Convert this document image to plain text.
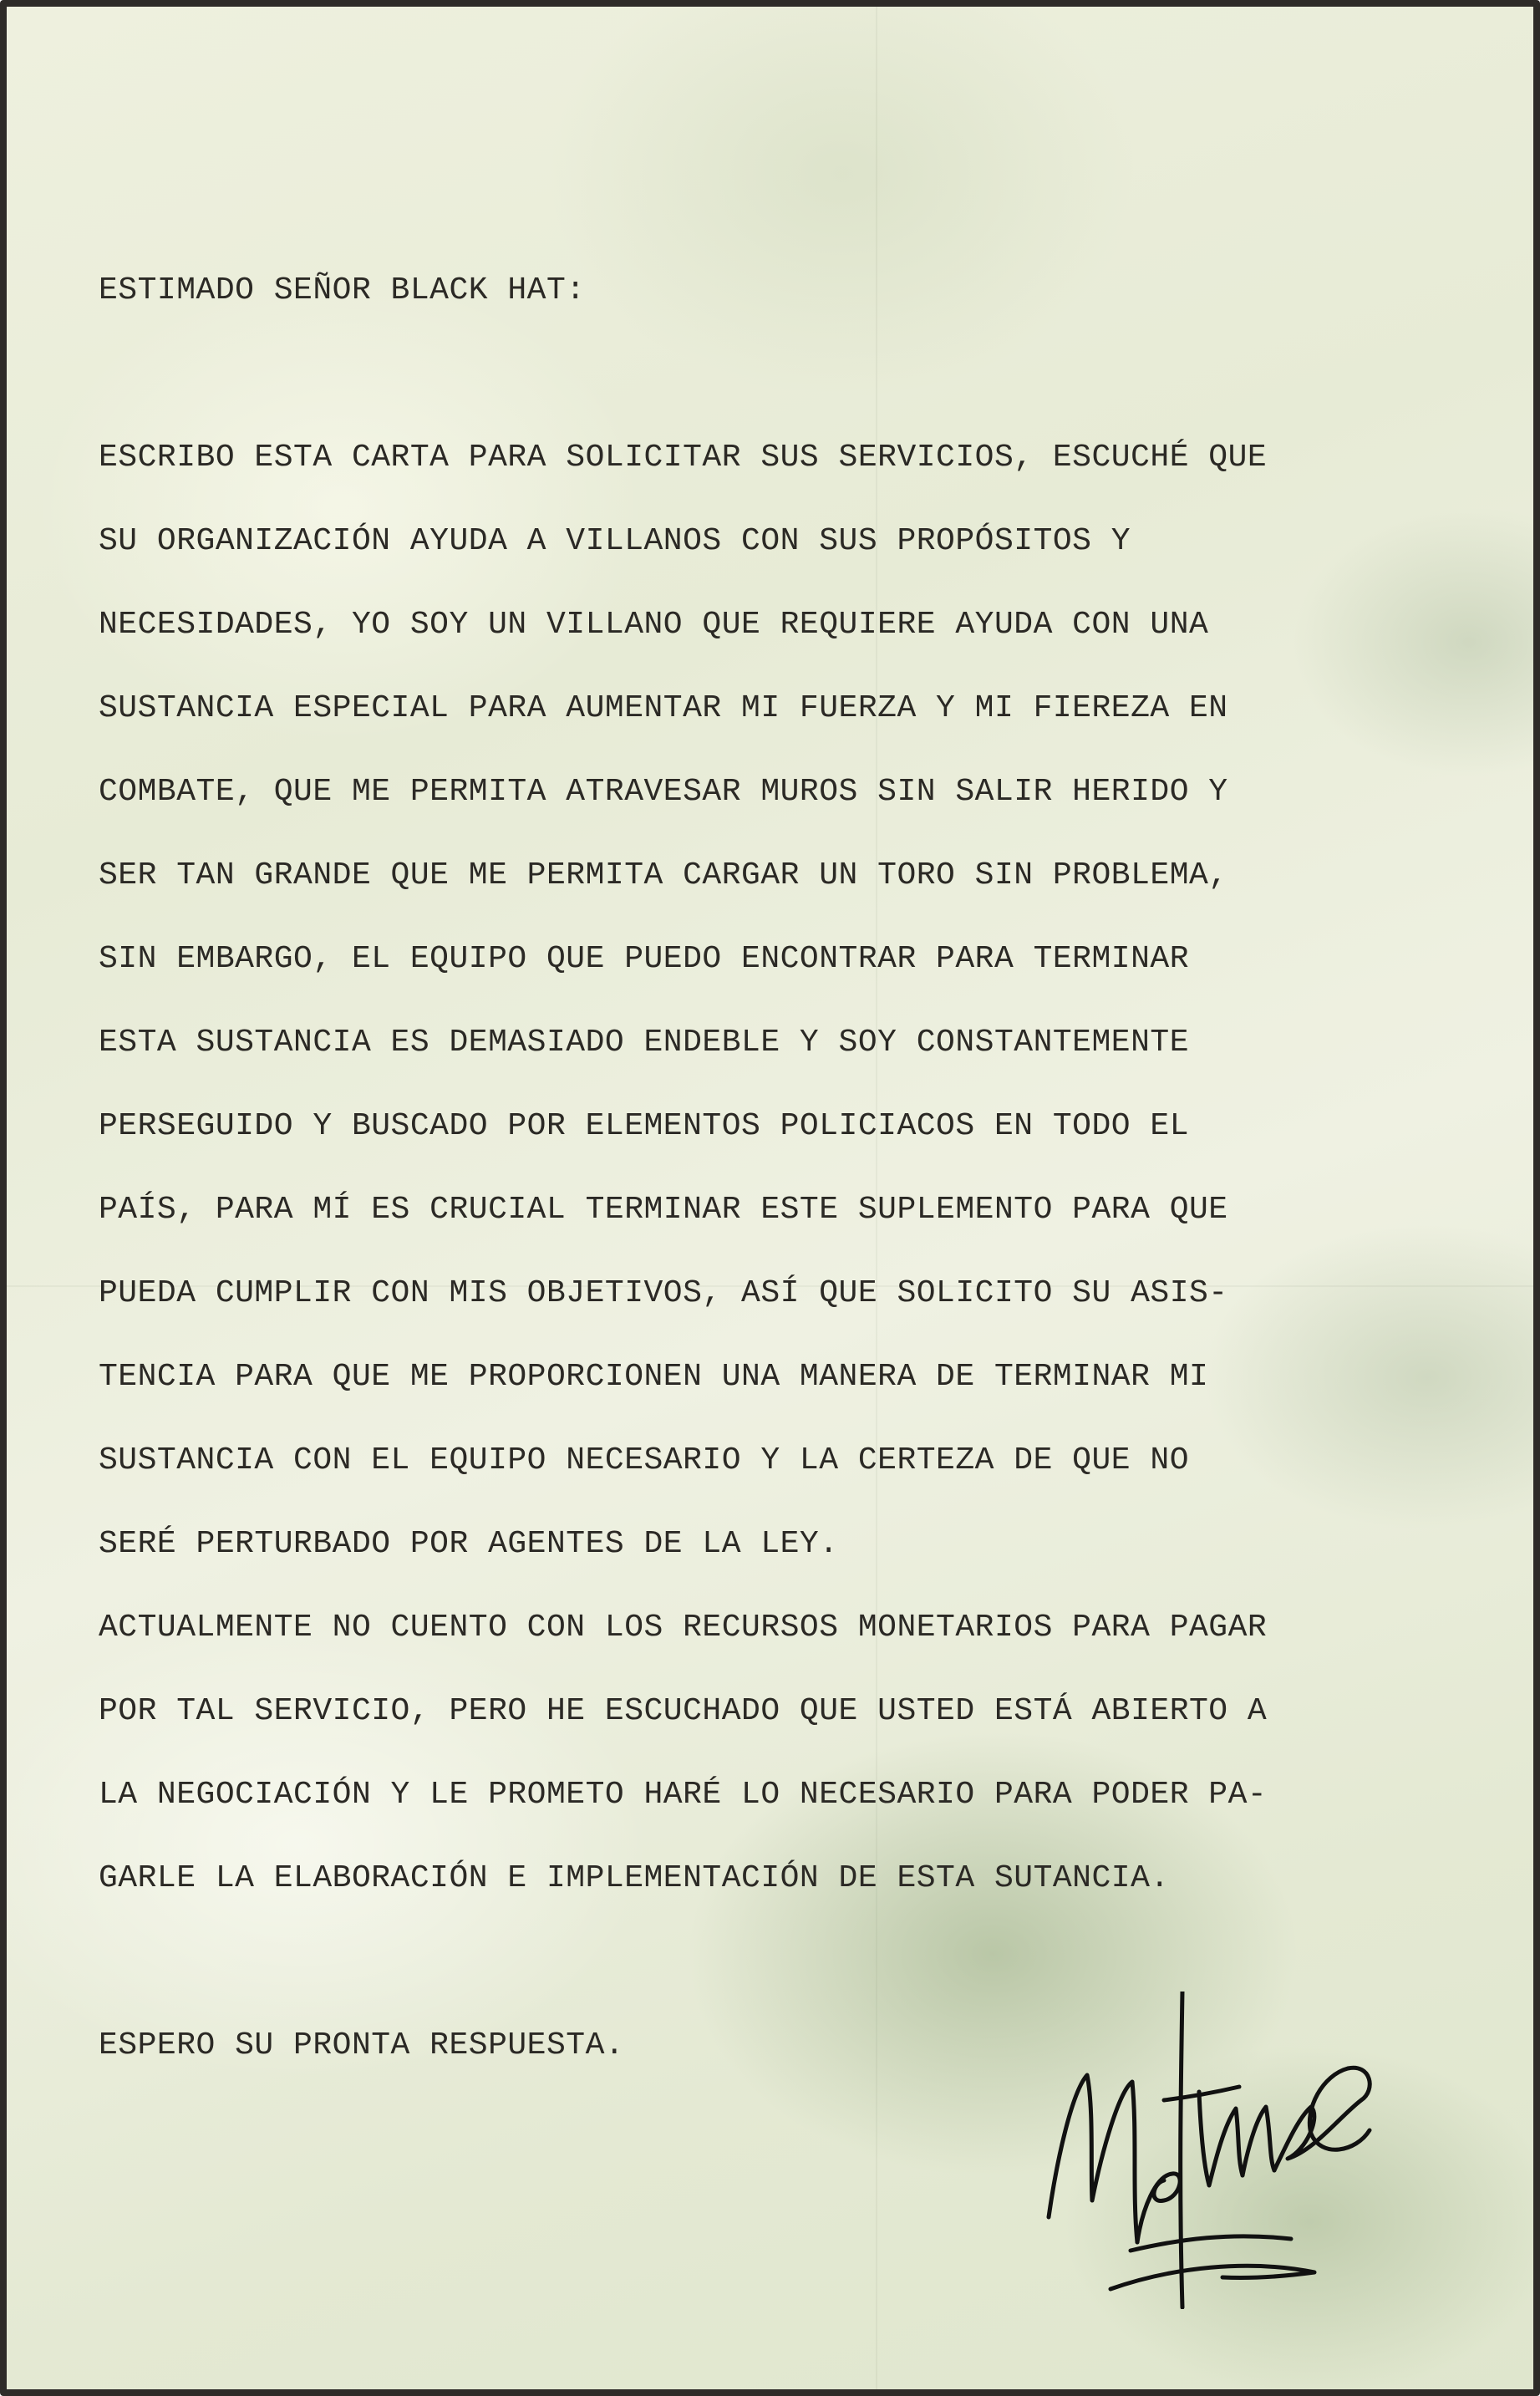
ESTIMADO SEÑOR BLACK HAT:

ESCRIBO ESTA CARTA PARA SOLICITAR SUS SERVICIOS, ESCUCHÉ QUE

SU ORGANIZACIÓN AYUDA A VILLANOS CON SUS PROPÓSITOS Y

NECESIDADES, YO SOY UN VILLANO QUE REQUIERE AYUDA CON UNA

SUSTANCIA ESPECIAL PARA AUMENTAR MI FUERZA Y MI FIEREZA EN

COMBATE, QUE ME PERMITA ATRAVESAR MUROS SIN SALIR HERIDO Y

SER TAN GRANDE QUE ME PERMITA CARGAR UN TORO SIN PROBLEMA,

SIN EMBARGO, EL EQUIPO QUE PUEDO ENCONTRAR PARA TERMINAR

ESTA SUSTANCIA ES DEMASIADO ENDEBLE Y SOY CONSTANTEMENTE

PERSEGUIDO Y BUSCADO POR ELEMENTOS POLICIACOS EN TODO EL

PAÍS, PARA MÍ ES CRUCIAL TERMINAR ESTE SUPLEMENTO PARA QUE

PUEDA CUMPLIR CON MIS OBJETIVOS, ASÍ QUE SOLICITO SU ASIS-

TENCIA PARA QUE ME PROPORCIONEN UNA MANERA DE TERMINAR MI

SUSTANCIA CON EL EQUIPO NECESARIO Y LA CERTEZA DE QUE NO

SERÉ PERTURBADO POR AGENTES DE LA LEY.

ACTUALMENTE NO CUENTO CON LOS RECURSOS MONETARIOS PARA PAGAR

POR TAL SERVICIO, PERO HE ESCUCHADO QUE USTED ESTÁ ABIERTO A

LA NEGOCIACIÓN Y LE PROMETO HARÉ LO NECESARIO PARA PODER PA-

GARLE LA ELABORACIÓN E IMPLEMENTACIÓN DE ESTA SUTANCIA.

ESPERO SU PRONTA RESPUESTA.
